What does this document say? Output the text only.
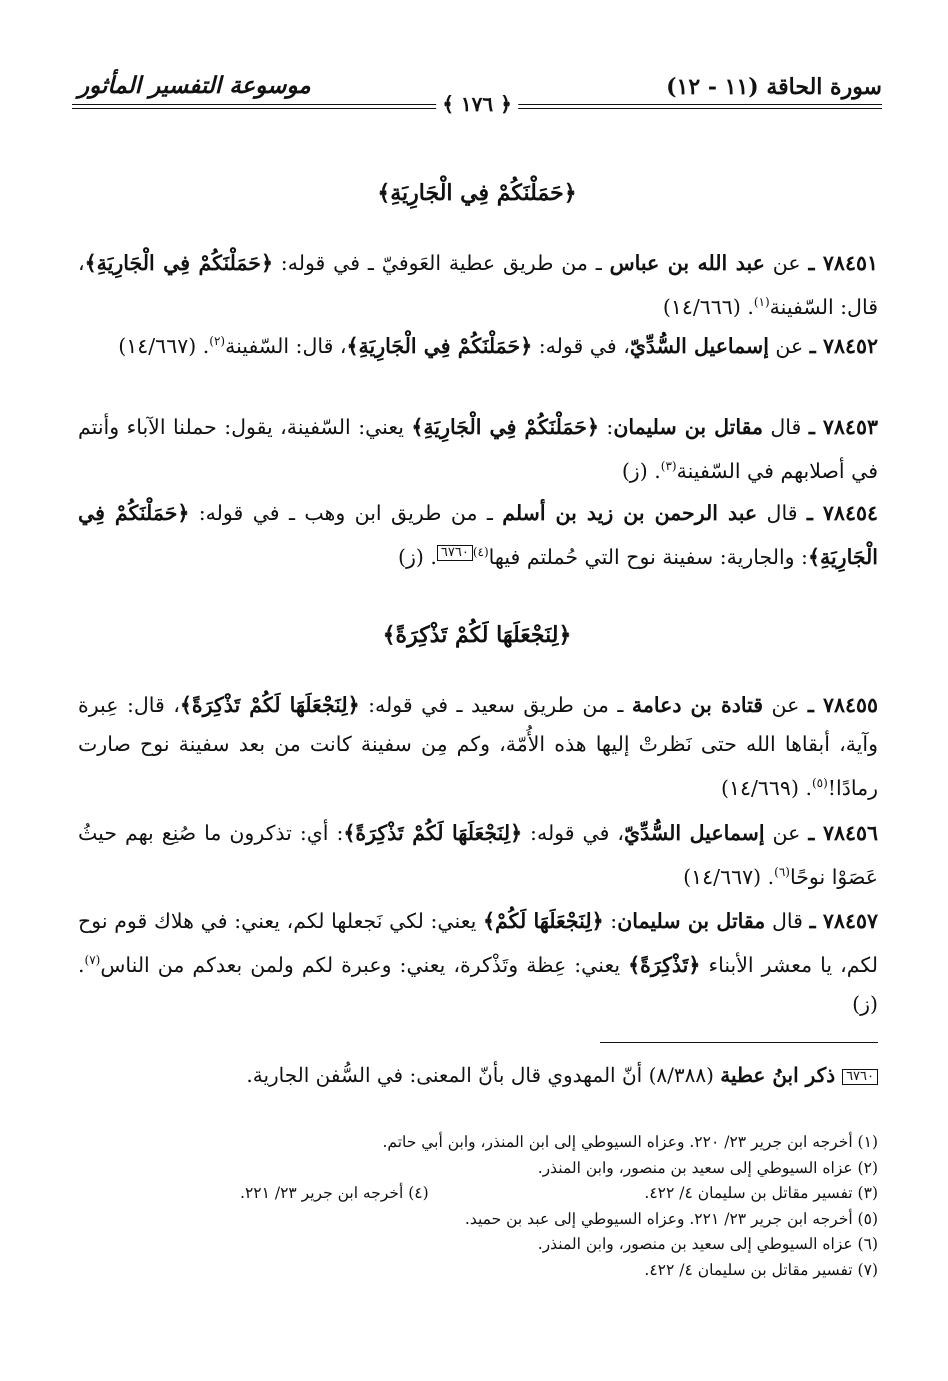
سورة الحاقة (١١ - ١٢)
موسوعة التفسير المأثور
﴿ ١٧٦ ﴾
﴿حَمَلْنَكُمْ فِي الْجَارِيَةِ﴾
٧٨٤٥١ ـ عن عبد الله بن عباس ـ من طريق عطية العَوفيّ ـ في قوله: ﴿حَمَلْنَكُمْ فِي الْجَارِيَةِ﴾، قال: السّفينة$^{(١)}$. (١٤/٦٦٦)
٧٨٤٥٢ ـ عن إسماعيل السُّدِّيّ، في قوله: ﴿حَمَلْنَكُمْ فِي الْجَارِيَةِ﴾، قال: السّفينة$^{(٢)}$. (١٤/٦٦٧)
٧٨٤٥٣ ـ قال مقاتل بن سليمان: ﴿حَمَلْنَكُمْ فِي الْجَارِيَةِ﴾ يعني: السّفينة، يقول: حملنا الآباء وأنتم في أصلابهم في السّفينة$^{(٣)}$. (ز)
٧٨٤٥٤ ـ قال عبد الرحمن بن زيد بن أسلم ـ من طريق ابن وهب ـ في قوله: ﴿حَمَلْنَكُمْ فِي الْجَارِيَةِ﴾: والجارية: سفينة نوح التي حُملتم فيها$^{(٤)}$٦٧٦٠. (ز)
﴿لِنَجْعَلَهَا لَكُمْ تَذْكِرَةً﴾
٧٨٤٥٥ ـ عن قتادة بن دعامة ـ من طريق سعيد ـ في قوله: ﴿لِنَجْعَلَهَا لَكُمْ تَذْكِرَةً﴾، قال: عِبرة وآية، أبقاها الله حتى نَظرتْ إليها هذه الأُمّة، وكم مِن سفينة كانت من بعد سفينة نوح صارت رمادًا!$^{(٥)}$. (١٤/٦٦٩)
٧٨٤٥٦ ـ عن إسماعيل السُّدِّيّ، في قوله: ﴿لِنَجْعَلَهَا لَكُمْ تَذْكِرَةً﴾: أي: تذكرون ما صُنِع بهم حيثُ عَصَوْا نوحًا$^{(٦)}$. (١٤/٦٦٧)
٧٨٤٥٧ ـ قال مقاتل بن سليمان: ﴿لِنَجْعَلَهَا لَكُمْ﴾ يعني: لكي نَجعلها لكم، يعني: في هلاك قوم نوح لكم، يا معشر الأبناء ﴿تَذْكِرَةً﴾ يعني: عِظة وتَذْكرة، يعني: وعبرة لكم ولمن بعدكم من الناس$^{(٧)}$. (ز)
٦٧٦٠ ذكر ابنُ عطية (٨/٣٨٨) أنّ المهدوي قال بأنّ المعنى: في السُّفن الجارية.
(١) أخرجه ابن جرير ٢٣/ ٢٢٠. وعزاه السيوطي إلى ابن المنذر، وابن أبي حاتم.
(٢) عزاه السيوطي إلى سعيد بن منصور، وابن المنذر.
(٣) تفسير مقاتل بن سليمان ٤/ ٤٢٢.
(٤) أخرجه ابن جرير ٢٣/ ٢٢١.
(٥) أخرجه ابن جرير ٢٣/ ٢٢١. وعزاه السيوطي إلى عبد بن حميد.
(٦) عزاه السيوطي إلى سعيد بن منصور، وابن المنذر.
(٧) تفسير مقاتل بن سليمان ٤/ ٤٢٢.
